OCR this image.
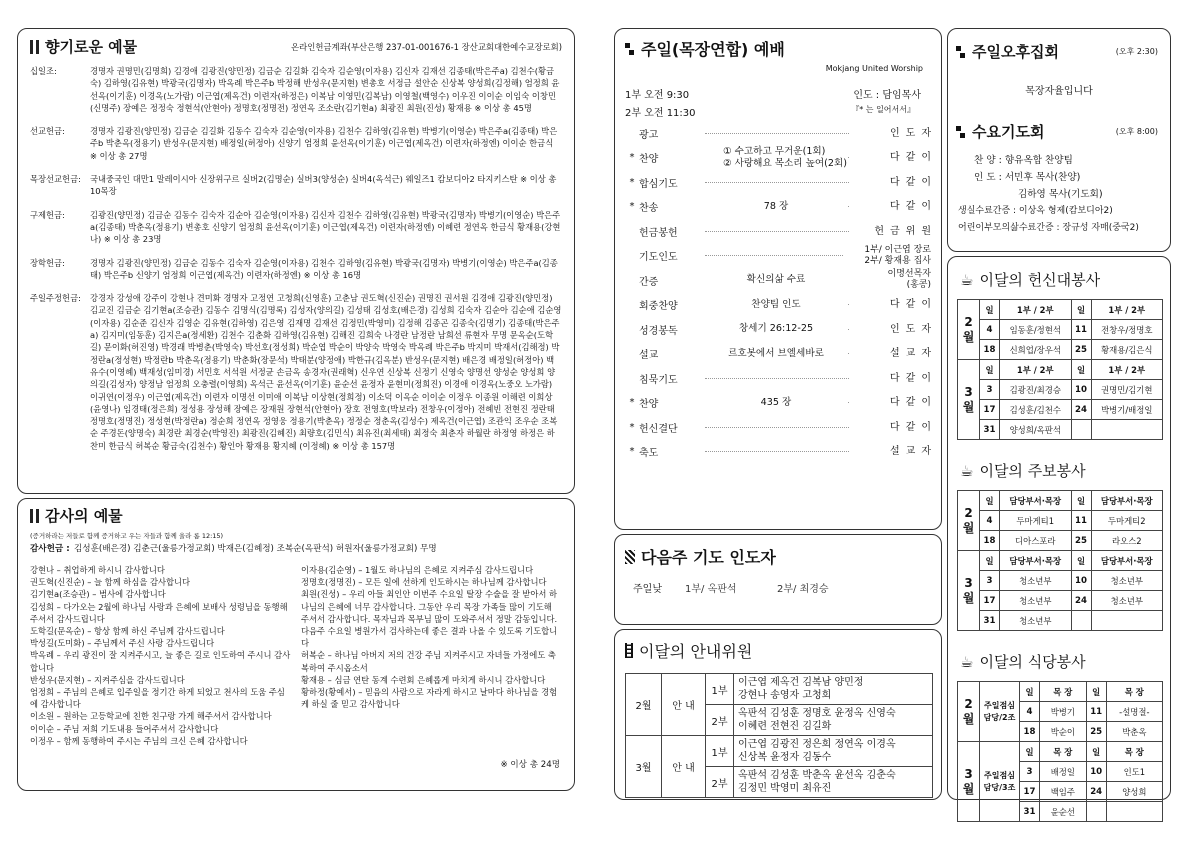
향기로운 예물	온라인헌금계좌(부산은행 237-01-001676-1 장산교회대한예수교장로회)
십일조:	경명자 권명민(김명희) 김경애 김광진(양민정) 김금순 김길화 김숙자 김순영(이자용) 김신자 김재선 김종태(박은주a) 김천수(황금숙) 김하영(김유현) 박광국(김명자) 박옥례 박은주b 박정해 반성우(문지현) 변총호 서정금 설안순 신상복 양성희(김정해) 엄정희 윤선옥(이기훈) 이경옥(노가람) 이근엽(제옥건) 이련자(하정은) 이복남 이영민(김복남) 이영철(백영수) 이우진 이이순 이임숙 이창민(신명주) 장예은 정정숙 정현석(안현아) 정명호(정명전) 정연옥 조소란(김기현a) 최광진 최원(진성) 황재용 ※ 이상 총 45명
선교헌금:	경명자 김광진(양민정) 김금순 김길화 김동수 김숙자 김순영(이자용) 김천수 김하영(김유현) 박병기(이영순) 박은주a(김종태) 박은주b 박춘옥(정용기) 반성우(문지현) 배정일(허정아) 신양기 엄정희 윤선옥(이기훈) 이근엽(제옥건) 이련자(하정엔) 이이순 한금식 ※ 이상 총 27명
목장선교헌금:	국내중국인 대만1 말레이시아 신장위구르 실버2(김명순) 실버3(양성순) 실버4(옥석근) 웨일즈1 캄보디아2 타지키스탄 ※ 이상 총 10목장
구제헌금:	김광진(양민정) 김금순 김동수 김숙자 김순아 김순영(이자용) 김신자 김천수 김하영(김유현) 박광국(김명자) 박병기(이영순) 박은주a(김종태) 박춘옥(정용기) 변총호 신양기 엄정희 윤선옥(이기훈) 이근엽(제옥건) 이련자(하정엔) 이혜련 정연옥 한금식 황재용(강현나) ※ 이상 총 23명
장학헌금:	경명자 김광진(양민정) 김금순 김동수 김숙자 김순영(이자용) 김천수 김하영(김유현) 박광국(김명자) 박병기(이영순) 박은주a(김종태) 박은주b 신양기 엄정희 이근엽(제옥건) 이련자(하정엔) ※ 이상 총 16명
주일주정헌금:	강경자 강성애 강주이 강현나 견미화 경명자 고정연 고청희(신영훈) 고춘남 권도혁(신진순) 권명진 권서원 김경애 김광진(양민정) 김교진 김금순 김기현a(조승관) 김동수 김명식(김명록) 김성자(양의길) 김성태 김성호(배은경) 김성희 김숙자 김순아 김순애 김순영(이자용) 김순준 김신자 김영순 김유현(김하영) 김은영 김재명 김재선 김정민(박영미) 김정해 김종곤 김종숙(김명기) 김종태(박은주a) 김지미(임동훈) 김지은a(정세환) 김천수 김춘화 김하영(김유현) 김해진 김희숙 나경란 남정란 남희선 류현자 무명 문옥순(도학길) 문이화(허진영) 박경래 박병춘(박영숙) 박선호(정성희) 박순엽 박순이 박양숙 박영숙 박옥례 박은주b 박지미 박재서(김해정) 박정란a(정성현) 박정란b 박춘옥(정용기) 박춘화(장문석) 박태분(양정애) 박한규(김옥분) 반성우(문지현) 배은경 배정일(허정아) 백유수(이영혜) 백재성(임미경) 서민호 서석원 서정균 손금옥 송경자(권래혁) 신우연 신상복 신정기 신영숙 양명선 양성순 양성희 양의길(김성자) 양정남 엄정희 오충렬(이영희) 옥석근 윤선옥(이기훈) 윤순선 윤정자 윤현미(정희진) 이경애 이경옥(노중오 노가람) 이귀연(이정우) 이근엽(제옥건) 이련자 이명선 이미애 이복남 이상현(정희정) 이소덕 이옥순 이이순 이정우 이종원 이해련 이희상(윤영나) 임경태(정은희) 정성용 장성해 장예은 장재원 장현석(안현아) 장호 전영호(박보라) 전창우(이정아) 전혜빈 전현진 정란태 정명호(정명진) 정성현(박정란a) 정순희 정연옥 정영웅 정용기(박춘옥) 정정순 정춘옥(김성수) 제옥건(이근엽) 조관익 조우순 조복순 주경돈(양명숙) 최경란 최경순(박영진) 최광진(김혜진) 최량호(김민식) 최유진(최세태) 최정숙 최춘자 하월란 하정영 하정은 하찬미 한금식 허복순 황금숙(김천수) 황인아 황재용 황지혜 (이정혜) ※ 이상 총 157명
감사의 예물
(증거하라는 저들로 함께 증거하고 우는 자들과 함께 울라 롬 12:15)
감사헌금 : 김성훈(배은경) 김춘근(울릉가정교회) 박재은(김혜정) 조복순(옥판석) 허원자(울릉가정교회) 무명
강현나 – 취업하게 하시니 감사합니다
권도혁(신진순) – 늘 함께 하심을 감사합니다
김기현a(조승관) – 범사에 감사합니다
김성희 – 다가오는 2월에 하나님 사랑과 은혜에 보배사 성령님을 동행해 주셔서 감사드립니다
도학길(문옥순) – 항상 함께 하신 주님께 감사드립니다
박성길(도미화) – 주님께서 주신 사랑 감사드립니다
박옥례 – 우리 광진이 잘 지켜주시고, 늘 좋은 길로 인도하여 주시니 감사합니다
반성우(문지현) – 지켜주심을 감사드립니다
엄정희 – 주님의 은혜로 입주일을 정기간 하게 되었고 천사의 도움 주심에 감사합니다
이소원 – 원하는 고등학교에 친한 친구랑 가게 해주셔서 감사합니다
이이순 – 주님 저희 기도내용 들어주셔서 감사합니다
이정우 – 함께 동행하여 주시는 주님의 크신 은혜 감사합니다
이자용(김순영) – 1월도 하나님의 은혜로 지켜주심 감사드립니다
정명호(정명진) – 모든 일에 선하게 인도하시는 하나님께 감사합니다
최원(진성) – 우리 아들 최인안 이번주 수요일 탈장 수술을 잘 받아서 하나님의 은혜에 너무 감사합니다. 그동안 우리 목장 가족들 많이 기도해 주셔서 감사합니다. 목자님과 목부님 많이 도와주셔서 정말 감동입니다. 다음주 수요일 병원가서 검사하는데 좋은 결과 나올 수 있도록 기도합니다
허복순 – 하나님 아버지 저의 건강 주님 지켜주시고 자녀들 가정에도 축복하여 주시옵소서
황재용 – 심금 연탄 동계 수련회 은혜롭게 마치게 하시니 감사합니다
황하정(황예서) – 믿음의 사람으로 자라게 하시고 날마다 하나님을 경험케 하실 줄 믿고 감사합니다
※ 이상 총 24명
주일(목장연합) 예배
Mokjang United Worship
1부 오전 9:30	인도 : 담임목사
2부 오전 11:30	『* 는 일어서서』
광고	인도자
* 찬양
① 수고하고 무거운(1회)
② 사랑해요 목소리 높여(2회)	다같이
* 합심기도	다같이
* 찬송	78 장	다같이
헌금봉헌	헌금위원
기도인도
1부/ 이근엽 장로
2부/ 황재용 집사
간증	확신의삶 수료	이명선목자
(홍콩)
회중찬양	찬양팀 인도	다같이
성경봉독	창세기 26:12-25	인도자
설교	르호봇에서 브엘세바로	설교자
침묵기도	다같이
* 찬양	435 장	다같이
* 헌신결단	다같이
* 축도	설교자
다음주 기도 인도자
주일낮	1부/ 옥판석	2부/ 최경승
이달의 안내위원
2월	안 내	1부	이근엽 제옥건 김복남 양민정
강현나 송영자 고청희
		2부	옥판석 김성훈 정명호 윤정옥 신영숙
이혜련 전현진 김길화
3월	안 내	1부	이근엽 김광진 정은희 정연옥 이경옥
신상복 윤정자 김동수
		2부	옥판석 김성훈 박춘옥 윤선옥 김춘숙
김정민 박영미 최유진
주일오후집회	(오후 2:30)
목장자율입니다
수요기도회	(오후 8:00)
찬 양 : 향유옥합 찬양팀
인 도 : 서민후 목사(찬양)
김하영 목사(기도회)
생실수료간증 : 이상옥 형제(캄보디아2)
어린이부모의삶수료간증 : 장규성 자매(중국2)
☕ 이달의 헌신대봉사
2월	일	1부 / 2부	일	1부 / 2부
	4	임동훈/정현석	11	전창우/정명호
	18	신희업/장우석	25	황재용/김은식
3월	일	1부 / 2부	일	1부 / 2부
	3	김광진/최경승	10	권명민/김기현
	17	김성훈/김천수	24	박병기/배정일
	31	양성희/옥판석		
☕ 이달의 주보봉사
2월	일	담당부서·목장	일	담당부서·목장
	4	두마게티1	11	두마게티2
	18	디아스포라	25	라오스2
3월	일	담당부서·목장	일	담당부서·목장
	3	청소년부	10	청소년부
	17	청소년부	24	청소년부
	31	청소년부		
☕ 이달의 식당봉사
2월	주일점심
담당/2조	일	목 장	일	목 장
		4	박병기	11	-설명절-
		18	박순이	25	박춘옥
3월	주일점심
담당/3조	일	목 장	일	목 장
		3	배정일	10	인도1
		17	백임주	24	양성희
		31	윤순선		
